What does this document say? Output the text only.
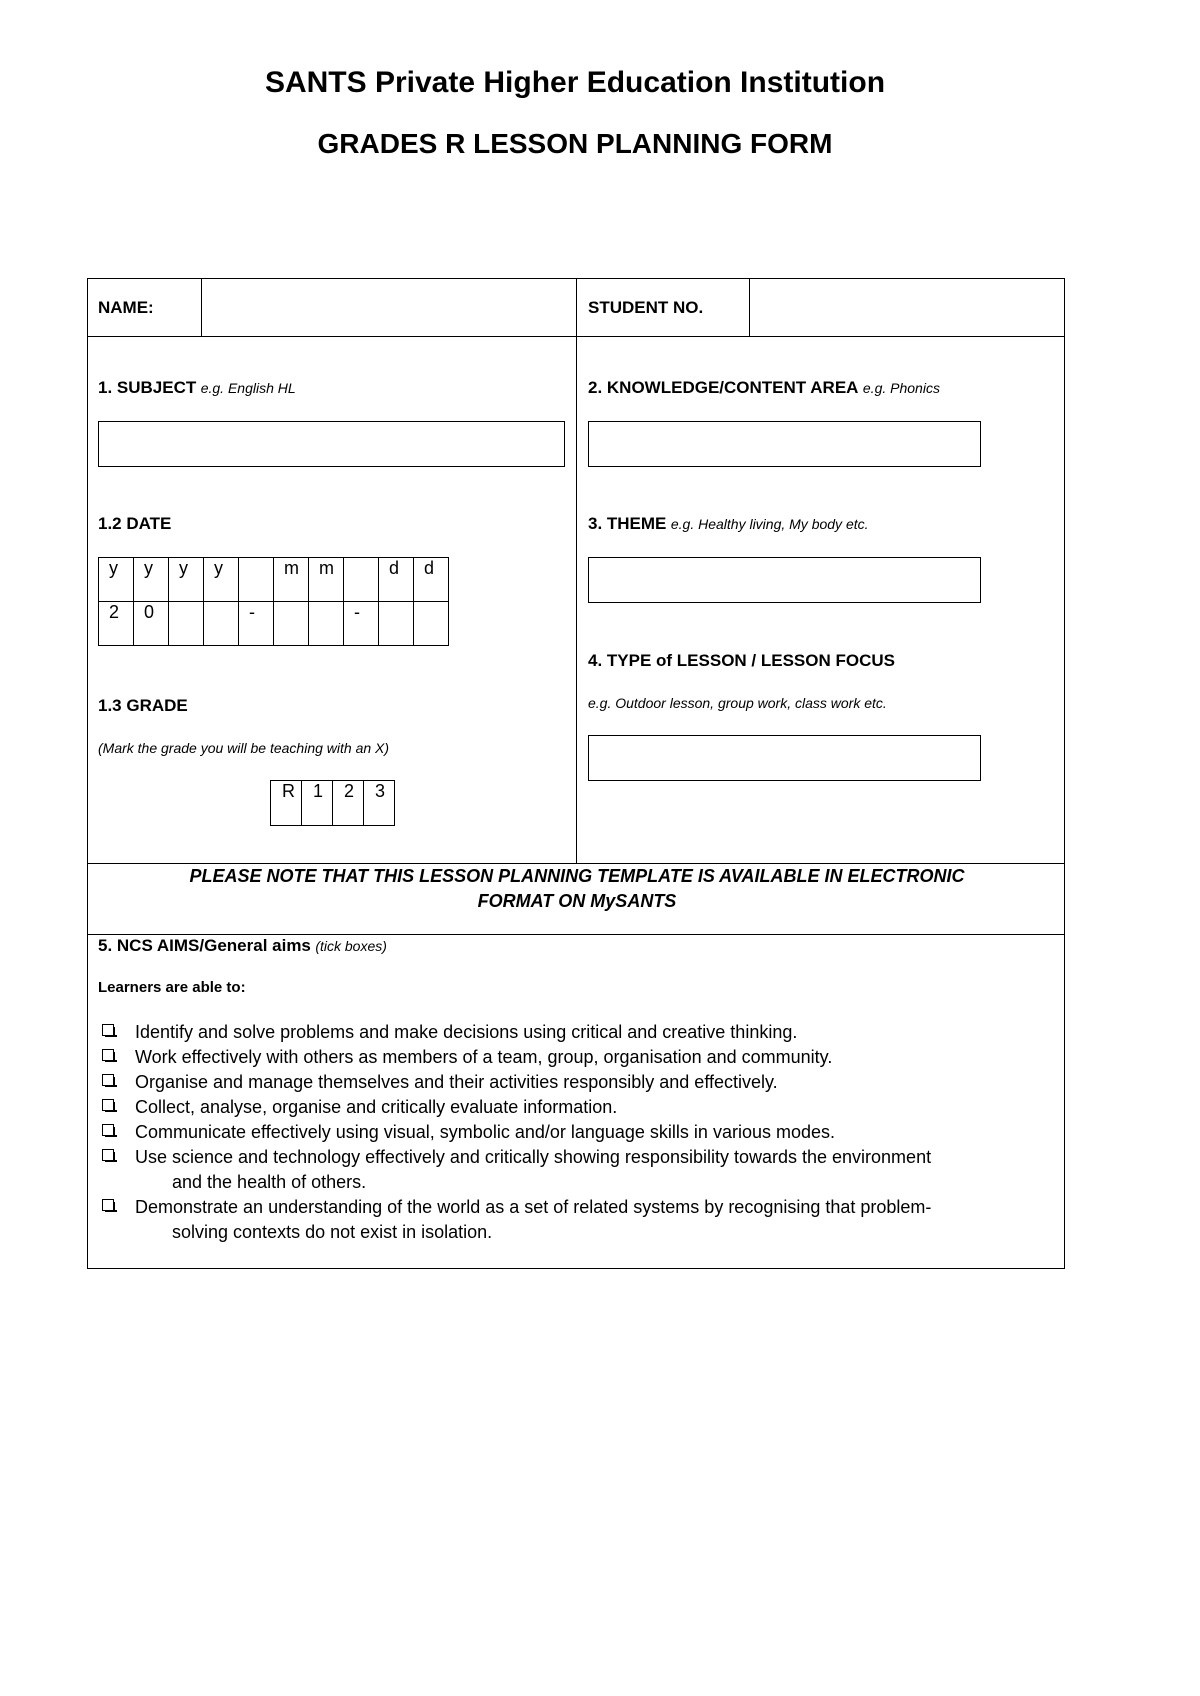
SANTS Private Higher Education Institution
GRADES R LESSON PLANNING FORM
NAME:	STUDENT NO.
1. SUBJECT e.g. English HL
1.2 DATE
y	y	y	y		m	m		d	d
2	0			-			-		
1.3 GRADE
(Mark the grade you will be teaching with an X)
R	1	2	3
2. KNOWLEDGE/CONTENT AREA e.g. Phonics
3. THEME e.g. Healthy living, My body etc.
4. TYPE of LESSON / LESSON FOCUS
e.g. Outdoor lesson, group work, class work etc.
PLEASE NOTE THAT THIS LESSON PLANNING TEMPLATE IS AVAILABLE IN ELECTRONIC
FORMAT ON MySANTS
5. NCS AIMS/General aims (tick boxes)
Learners are able to:
Identify and solve problems and make decisions using critical and creative thinking.
Work effectively with others as members of a team, group, organisation and community.
Organise and manage themselves and their activities responsibly and effectively.
Collect, analyse, organise and critically evaluate information.
Communicate effectively using visual, symbolic and/or language skills in various modes.
Use science and technology effectively and critically showing responsibility towards the environment
and the health of others.
Demonstrate an understanding of the world as a set of related systems by recognising that problem-
solving contexts do not exist in isolation.
